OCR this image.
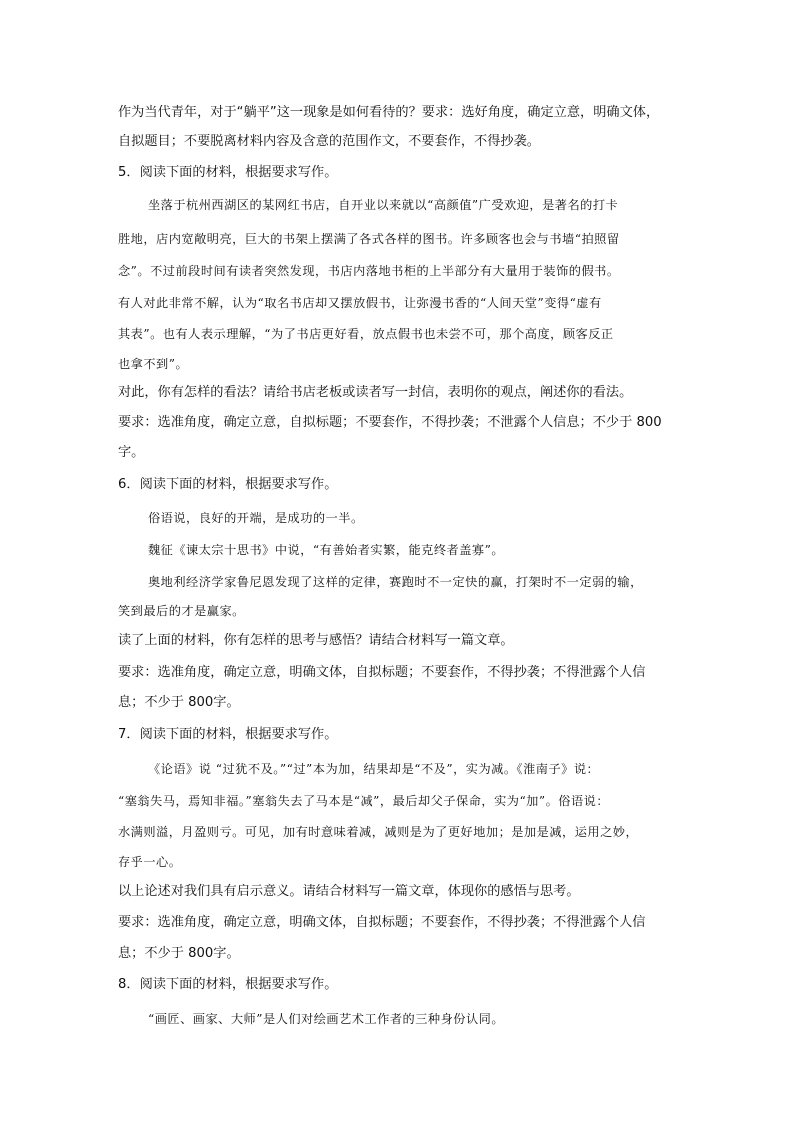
作为当代青年，对于“躺平”这一现象是如何看待的？要求：选好角度，确定立意，明确文体，
自拟题目；不要脱离材料内容及含意的范围作文，不要套作，不得抄袭。
5．阅读下面的材料，根据要求写作。
坐落于杭州西湖区的某网红书店，自开业以来就以“高颜值”广受欢迎，是著名的打卡
胜地，店内宽敞明亮，巨大的书架上摆满了各式各样的图书。许多顾客也会与书墙“拍照留
念”。不过前段时间有读者突然发现，书店内落地书柜的上半部分有大量用于装饰的假书。
有人对此非常不解，认为“取名书店却又摆放假书，让弥漫书香的“人间天堂”变得“虚有
其表”。也有人表示理解，“为了书店更好看，放点假书也未尝不可，那个高度，顾客反正
也拿不到”。
对此，你有怎样的看法？请给书店老板或读者写一封信，表明你的观点，阐述你的看法。
要求：选准角度，确定立意，自拟标题；不要套作，不得抄袭；不泄露个人信息；不少于 800
字。
6．阅读下面的材料，根据要求写作。
俗语说，良好的开端，是成功的一半。
魏征《谏太宗十思书》中说，“有善始者实繁，能克终者盖寡”。
奥地利经济学家鲁尼恩发现了这样的定律，赛跑时不一定快的赢，打架时不一定弱的输，
笑到最后的才是赢家。
读了上面的材料，你有怎样的思考与感悟？请结合材料写一篇文章。
要求：选准角度，确定立意，明确文体，自拟标题；不要套作，不得抄袭；不得泄露个人信
息；不少于 800字。
7．阅读下面的材料，根据要求写作。
《论语》说 “过犹不及。”“过”本为加，结果却是“不及”，实为减。《淮南子》说：
“塞翁失马，焉知非福。”塞翁失去了马本是“减”，最后却父子保命，实为“加”。俗语说：
水满则溢，月盈则亏。可见，加有时意味着减，减则是为了更好地加；是加是减，运用之妙，
存乎一心。
以上论述对我们具有启示意义。请结合材料写一篇文章，体现你的感悟与思考。
要求：选准角度，确定立意，明确文体，自拟标题；不要套作，不得抄袭；不得泄露个人信
息；不少于 800字。
8．阅读下面的材料，根据要求写作。
“画匠、画家、大师”是人们对绘画艺术工作者的三种身份认同。
